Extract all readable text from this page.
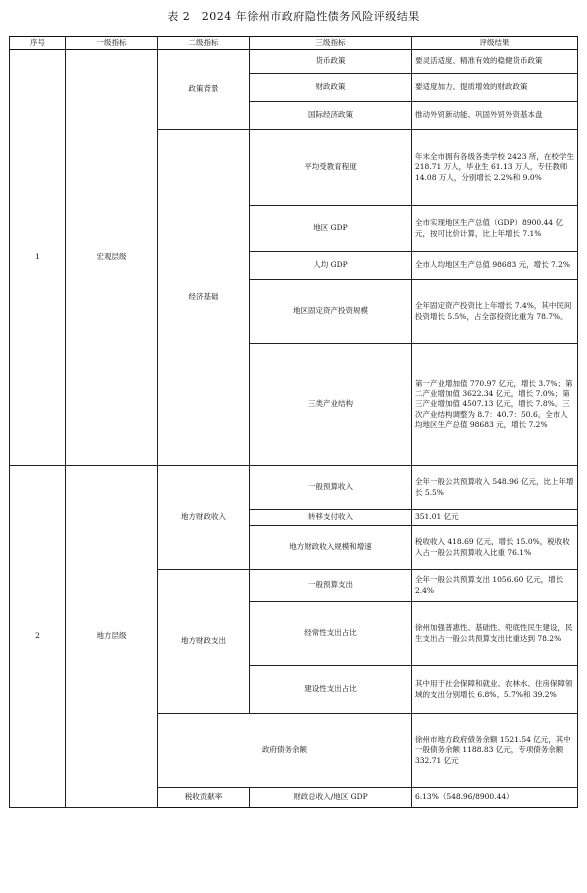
表 2　2024 年徐州市政府隐性债务风险评级结果
序号	一级指标	二级指标	三级指标	评级结果
1	宏观层级	政策背景	货币政策	要灵活适度、精准有效的稳健货币政策
			财政政策	要适度加力、提质增效的财政政策
			国际经济政策	推动外贸新动能、巩固外贸外资基本盘
		经济基础	平均受教育程度	年末全市拥有各级各类学校 2423 所，在校学生 218.71 万人，毕业生 61.13 万人，专任教师 14.08 万人，分别增长 2.2%和 9.0%
			地区 GDP	全市实现地区生产总值（GDP）8900.44 亿元，按可比价计算，比上年增长 7.1%
			人均 GDP	全市人均地区生产总值 98683 元，增长 7.2%
			地区固定资产投资规模	全年固定资产投资比上年增长 7.4%，其中民间投资增长 5.5%，占全部投资比重为 78.7%。
			三类产业结构	第一产业增加值 770.97 亿元，增长 3.7%；第二产业增加值 3622.34 亿元，增长 7.0%；第三产业增加值 4507.13 亿元，增长 7.8%。三次产业结构调整为 8.7：40.7：50.6。全市人均地区生产总值 98683 元，增长 7.2%
2	地方层级	地方财政收入	一般预算收入	全年一般公共预算收入 548.96 亿元，比上年增长 5.5%
			转移支付收入	351.01 亿元
			地方财政收入规模和增速	税收收入 418.69 亿元，增长 15.0%，税收收入占一般公共预算收入比重 76.1%
		地方财政支出	一般预算支出	全年一般公共预算支出 1056.60 亿元，增长 2.4%
			经常性支出占比	徐州加强普惠性、基础性、兜底性民生建设，民生支出占一般公共预算支出比重达到 78.2%
			建设性支出占比	其中用于社会保障和就业、农林水、住房保障领域的支出分别增长 6.8%、5.7%和 39.2%
		政府债务余额		徐州市地方政府债务余额 1521.54 亿元，其中一般债务余额 1188.83 亿元，专项债务余额 332.71 亿元
		税收贡献率	财政总收入/地区 GDP	6.13%（548.96/8900.44）
